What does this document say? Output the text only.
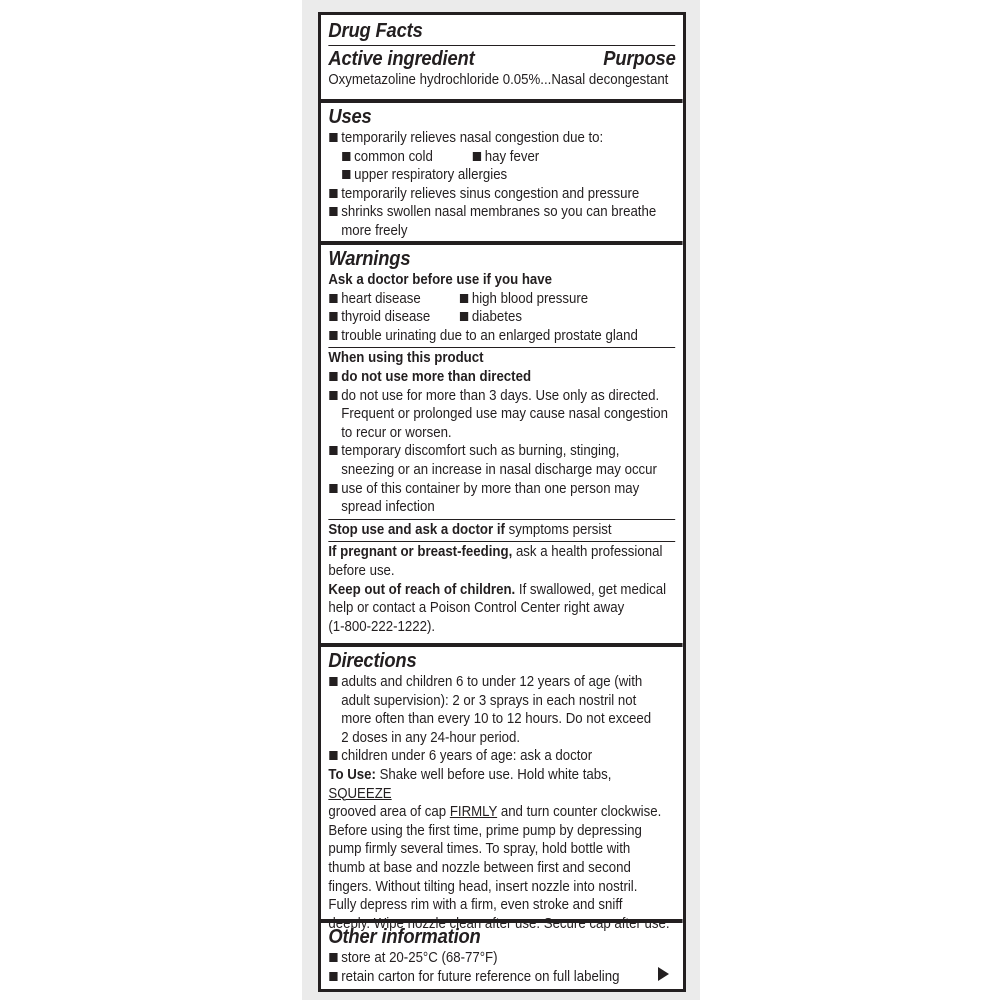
Drug Facts
Active ingredient	Purpose
Oxymetazoline hydrochloride 0.05%...Nasal decongestant
Uses
temporarily relieves nasal congestion due to:
common cold	hay fever
upper respiratory allergies
temporarily relieves sinus congestion and pressure
shrinks swollen nasal membranes so you can breathe
more freely
Warnings
Ask a doctor before use if you have
heart disease	high blood pressure
thyroid disease	diabetes
trouble urinating due to an enlarged prostate gland
When using this product
do not use more than directed
do not use for more than 3 days. Use only as directed.
Frequent or prolonged use may cause nasal congestion
to recur or worsen.
temporary discomfort such as burning, stinging,
sneezing or an increase in nasal discharge may occur
use of this container by more than one person may
spread infection
Stop use and ask a doctor if symptoms persist
If pregnant or breast-feeding, ask a health professional
before use.
Keep out of reach of children. If swallowed, get medical
help or contact a Poison Control Center right away
(1-800-222-1222).
Directions
adults and children 6 to under 12 years of age (with
adult supervision): 2 or 3 sprays in each nostril not
more often than every 10 to 12 hours. Do not exceed
2 doses in any 24-hour period.
children under 6 years of age: ask a doctor
To Use: Shake well before use. Hold white tabs, SQUEEZE
grooved area of cap FIRMLY and turn counter clockwise.
Before using the first time, prime pump by depressing
pump firmly several times. To spray, hold bottle with
thumb at base and nozzle between first and second
fingers. Without tilting head, insert nozzle into nostril.
Fully depress rim with a firm, even stroke and sniff
deeply. Wipe nozzle clean after use. Secure cap after use.
Other information
store at 20-25°C (68-77°F)
retain carton for future reference on full labeling
